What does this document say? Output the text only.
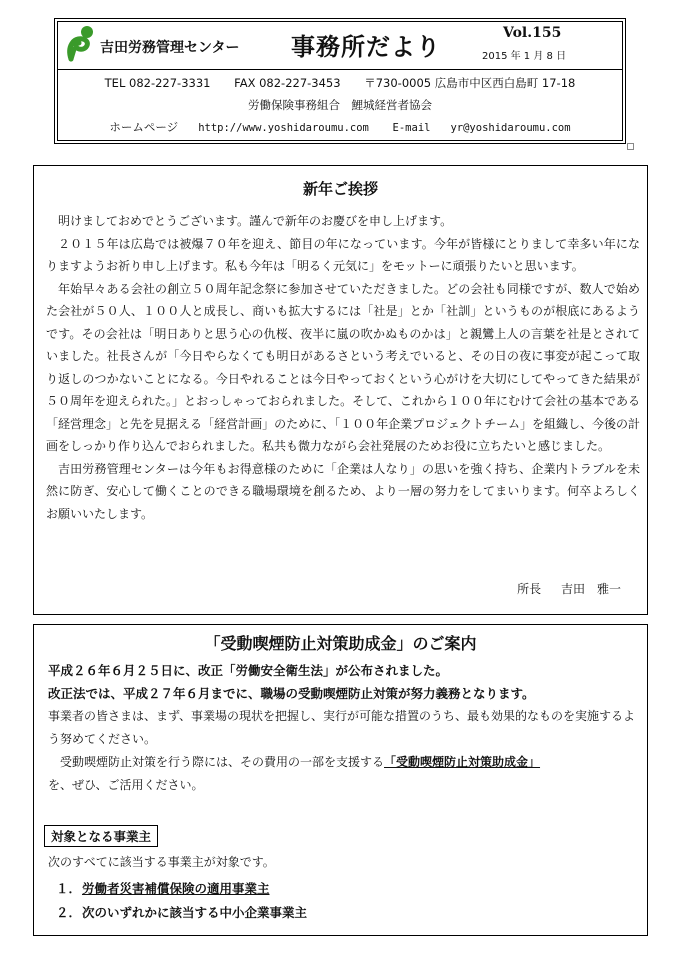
吉田労務管理センター 事務所だより	Vol.155
2015 年 1 月 8 日
TEL 082-227-3331 FAX 082-227-3453 〒730-0005 広島市中区西白島町 17-18
労働保険事務組合　鯉城経営者協会
ホームページ http://www.yoshidaroumu.com E-mail yr@yoshidaroumu.com
新年ご挨拶

明けましておめでとうございます。謹んで新年のお慶びを申し上げます。

２０１５年は広島では被爆７０年を迎え、節目の年になっています。今年が皆様にとりまして幸多い年になりますようお祈り申し上げます。私も今年は「明るく元気に」をモットーに頑張りたいと思います。

年始早々ある会社の創立５０周年記念祭に参加させていただきました。どの会社も同様ですが、数人で始めた会社が５０人、１００人と成長し、商いも拡大するには「社是」とか「社訓」というものが根底にあるようです。その会社は「明日ありと思う心の仇桜、夜半に嵐の吹かぬものかは」と親鸞上人の言葉を社是とされていました。社長さんが「今日やらなくても明日があるさという考えでいると、その日の夜に事変が起こって取り返しのつかないことになる。今日やれることは今日やっておくという心がけを大切にしてやってきた結果が５０周年を迎えられた。」とおっしゃっておられました。そして、これから１００年にむけて会社の基本である「経営理念」と先を見据える「経営計画」のために、「１００年企業プロジェクトチーム」を組織し、今後の計画をしっかり作り込んでおられました。私共も微力ながら会社発展のためお役に立ちたいと感じました。

吉田労務管理センターは今年もお得意様のために「企業は人なり」の思いを強く持ち、企業内トラブルを未然に防ぎ、安心して働くことのできる職場環境を創るため、より一層の努力をしてまいります。何卒よろしくお願いいたします。

所長 吉田　雅一
「受動喫煙防止対策助成金」のご案内

平成２６年６月２５日に、改正「労働安全衛生法」が公布されました。

改正法では、平成２７年６月までに、職場の受動喫煙防止対策が努力義務となります。

事業者の皆さまは、まず、事業場の現状を把握し、実行が可能な措置のうち、最も効果的なものを実施するよう努めてください。

受動喫煙防止対策を行う際には、その費用の一部を支援する「受動喫煙防止対策助成金」
を、ぜひ、ご活用ください。

対象となる事業主
次のすべてに該当する事業主が対象です。
１．労働者災害補償保険の適用事業主
２．次のいずれかに該当する中小企業事業主
